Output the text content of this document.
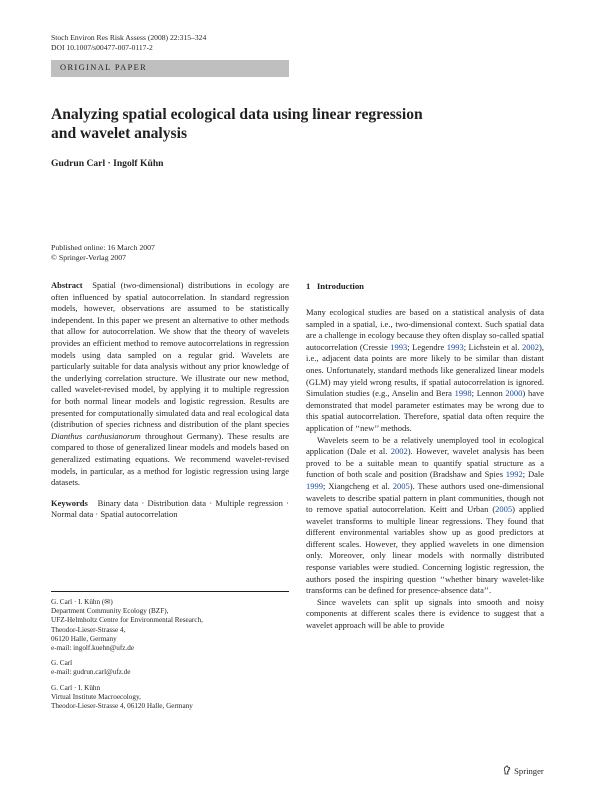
Stoch Environ Res Risk Assess (2008) 22:315–324
DOI 10.1007/s00477-007-0117-2
ORIGINAL PAPER
Analyzing spatial ecological data using linear regression
and wavelet analysis
Gudrun Carl · Ingolf Kühn
Published online: 16 March 2007
© Springer-Verlag 2007

Abstract Spatial (two-dimensional) distributions in ecology are often influenced by spatial autocorrelation. In standard regression models, however, observations are assumed to be statistically independent. In this paper we present an alternative to other methods that allow for autocorrelation. We show that the theory of wavelets provides an efficient method to remove autocorrelations in regression models using data sampled on a regular grid. Wavelets are particularly suitable for data analysis without any prior knowledge of the underlying correlation structure. We illustrate our new method, called wavelet-revised model, by applying it to multiple regression for both normal linear models and logistic regression. Results are presented for computationally simulated data and real ecological data (distribution of species richness and distribution of the plant species Dianthus carthusianorum throughout Germany). These results are compared to those of generalized linear models and models based on generalized estimating equations. We recommend wavelet-revised models, in particular, as a method for logistic regression using large datasets.

Keywords Binary data · Distribution data · Multiple regression · Normal data · Spatial autocorrelation

G. Carl · I. Kühn (✉)
Department Community Ecology (BZF),
UFZ-Helmholtz Centre for Environmental Research,
Theodor-Lieser-Strasse 4,
06120 Halle, Germany
e-mail: ingolf.kuehn@ufz.de

G. Carl
e-mail: gudrun.carl@ufz.de

G. Carl · I. Kühn
Virtual Institute Macroecology,
Theodor-Lieser-Strasse 4, 06120 Halle, Germany

1 Introduction

Many ecological studies are based on a statistical analysis of data sampled in a spatial, i.e., two-dimensional context. Such spatial data are a challenge in ecology because they often display so-called spatial autocorrelation (Cressie 1993; Legendre 1993; Lichstein et al. 2002), i.e., adjacent data points are more likely to be similar than distant ones. Unfortunately, standard methods like generalized linear models (GLM) may yield wrong results, if spatial autocorrelation is ignored. Simulation studies (e.g., Anselin and Bera 1998; Lennon 2000) have demonstrated that model parameter estimates may be wrong due to this spatial autocorrelation. Therefore, spatial data often require the application of ‘‘new’’ methods.

Wavelets seem to be a relatively unemployed tool in ecological application (Dale et al. 2002). However, wavelet analysis has been proved to be a suitable mean to quantify spatial structure as a function of both scale and position (Bradshaw and Spies 1992; Dale 1999; Xiangcheng et al. 2005). These authors used one-dimensional wavelets to describe spatial pattern in plant communities, though not to remove spatial autocorrelation. Keitt and Urban (2005) applied wavelet transforms to multiple linear regressions. They found that different environmental variables show up as good predictors at different scales. However, they applied wavelets in one dimension only. Moreover, only linear models with normally distributed response variables were studied. Concerning logistic regression, the authors posed the inspiring question ‘‘whether binary wavelet-like transforms can be defined for presence-absence data’’.

Since wavelets can split up signals into smooth and noisy components at different scales there is evidence to suggest that a wavelet approach will be able to provide

Springer
